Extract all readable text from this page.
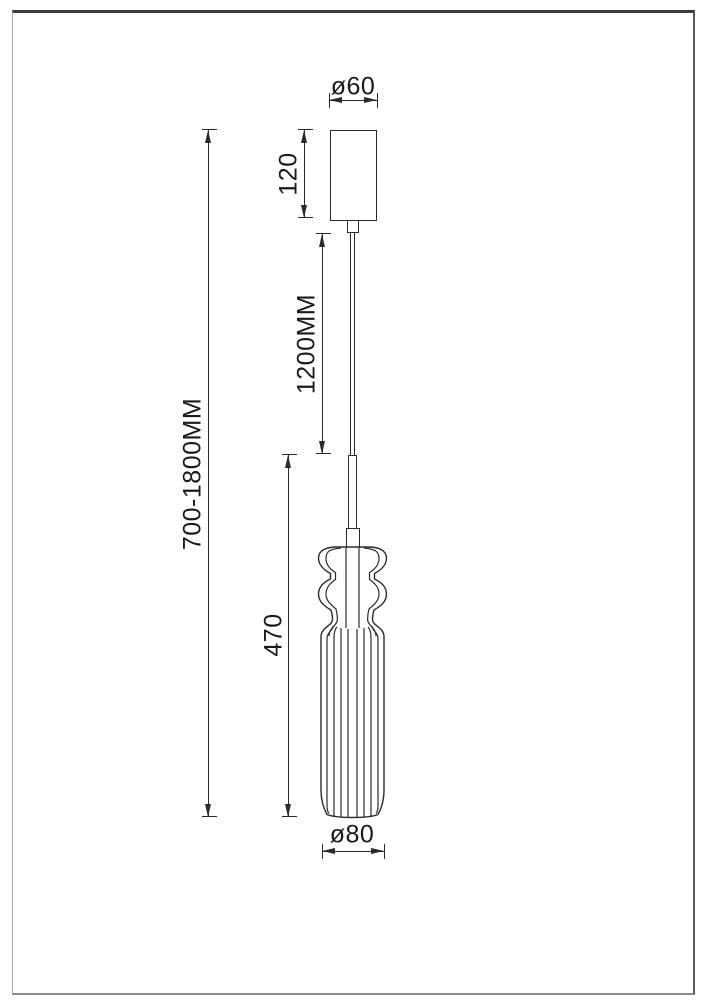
ø60
120
1200MM
700-1800MM
470
ø80
